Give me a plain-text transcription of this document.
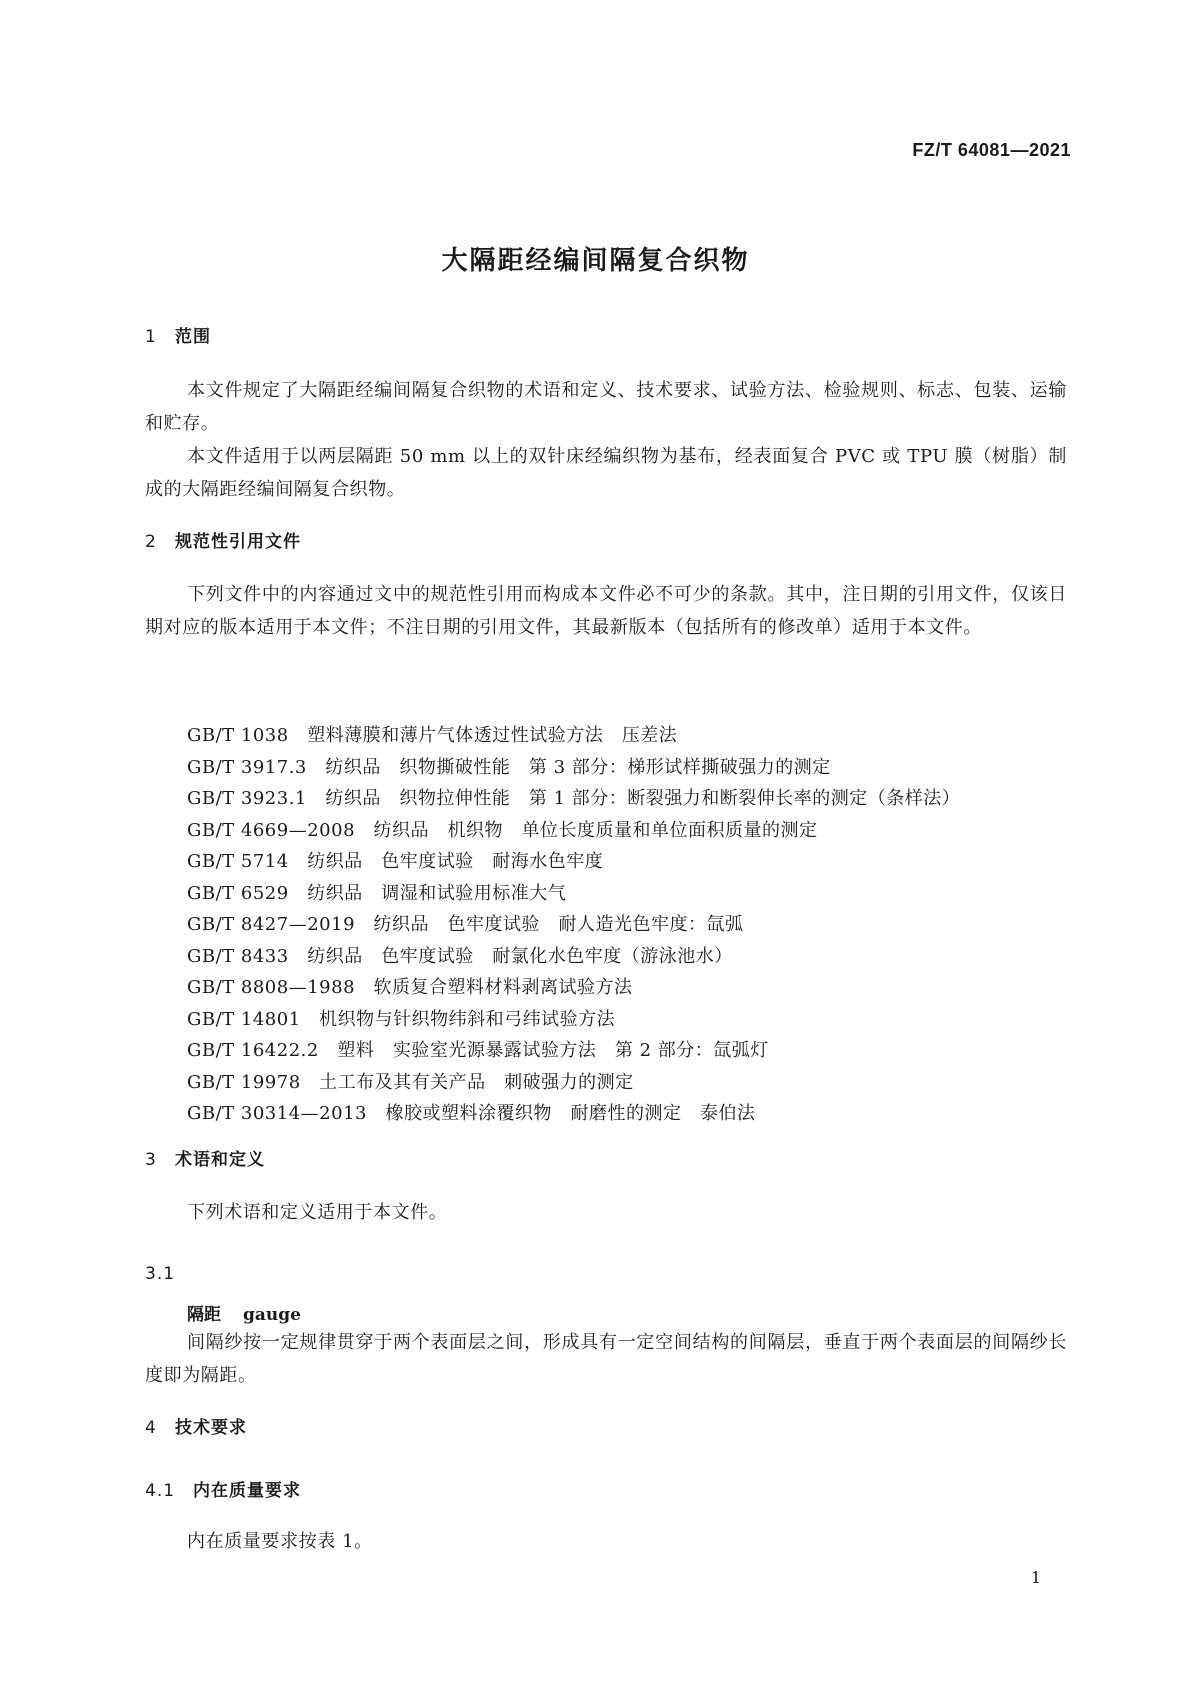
FZ/T 64081—2021
大隔距经编间隔复合织物
1 范围
本文件规定了大隔距经编间隔复合织物的术语和定义、技术要求、试验方法、检验规则、标志、包装、运输和贮存。
本文件适用于以两层隔距 50 mm 以上的双针床经编织物为基布，经表面复合 PVC 或 TPU 膜（树脂）制成的大隔距经编间隔复合织物。
2 规范性引用文件
下列文件中的内容通过文中的规范性引用而构成本文件必不可少的条款。其中，注日期的引用文件，仅该日期对应的版本适用于本文件；不注日期的引用文件，其最新版本（包括所有的修改单）适用于本文件。
GB/T 1038　 塑料薄膜和薄片气体透过性试验方法　压差法
GB/T 3917.3　 纺织品　织物撕破性能　第 3 部分：梯形试样撕破强力的测定
GB/T 3923.1　 纺织品　织物拉伸性能　第 1 部分：断裂强力和断裂伸长率的测定（条样法）
GB/T 4669—2008　 纺织品　机织物　单位长度质量和单位面积质量的测定
GB/T 5714　 纺织品　色牢度试验　耐海水色牢度
GB/T 6529　 纺织品　调湿和试验用标准大气
GB/T 8427—2019　 纺织品　色牢度试验　耐人造光色牢度：氙弧
GB/T 8433　 纺织品　色牢度试验　耐氯化水色牢度（游泳池水）
GB/T 8808—1988　 软质复合塑料材料剥离试验方法
GB/T 14801　 机织物与针织物纬斜和弓纬试验方法
GB/T 16422.2　 塑料　实验室光源暴露试验方法　第 2 部分：氙弧灯
GB/T 19978　 土工布及其有关产品　刺破强力的测定
GB/T 30314—2013　 橡胶或塑料涂覆织物　耐磨性的测定　泰伯法
3 术语和定义
下列术语和定义适用于本文件。
3.1
隔距 gauge
间隔纱按一定规律贯穿于两个表面层之间，形成具有一定空间结构的间隔层，垂直于两个表面层的间隔纱长度即为隔距。
4 技术要求
4.1 内在质量要求
内在质量要求按表 1。
1
